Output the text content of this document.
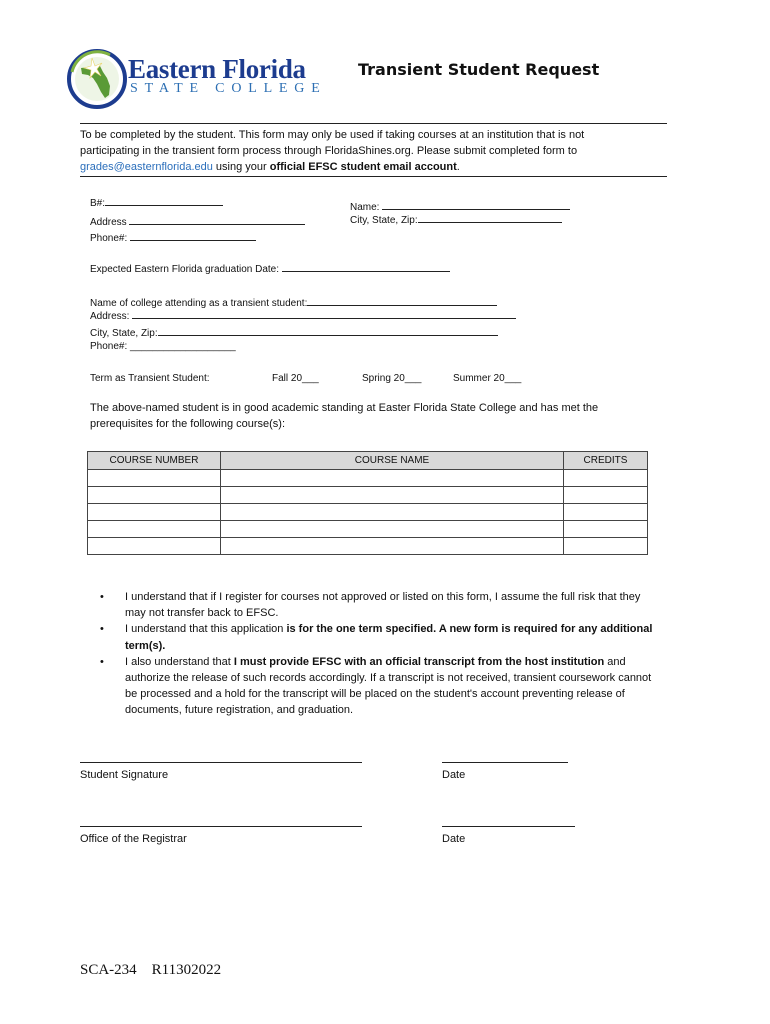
Eastern Florida
STATE COLLEGE
Transient Student Request
To be completed by the student. This form may only be used if taking courses at an institution that is not
participating in the transient form process through FloridaShines.org. Please submit completed form to
grades@easternflorida.edu using your official EFSC student email account.
B#:	Name:
City, State, Zip:
Address
Phone#:
Expected Eastern Florida graduation Date:
Name of college attending as a transient student:
Address:
City, State, Zip:
Phone#: ___________________
Term as Transient Student:	Fall 20___	Spring 20___	Summer 20___
The above-named student is in good academic standing at Easter Florida State College and has met the
prerequisites for the following course(s):
COURSE NUMBER	COURSE NAME	CREDITS

• I understand that if I register for courses not approved or listed on this form, I assume the full risk that they may not transfer back to EFSC.
• I understand that this application is for the one term specified. A new form is required for any additional term(s).
• I also understand that I must provide EFSC with an official transcript from the host institution and authorize the release of such records accordingly. If a transcript is not received, transient coursework cannot be processed and a hold for the transcript will be placed on the student's account preventing release of documents, future registration, and graduation.
Student Signature	Date
Office of the Registrar	Date
SCA-234    R11302022
